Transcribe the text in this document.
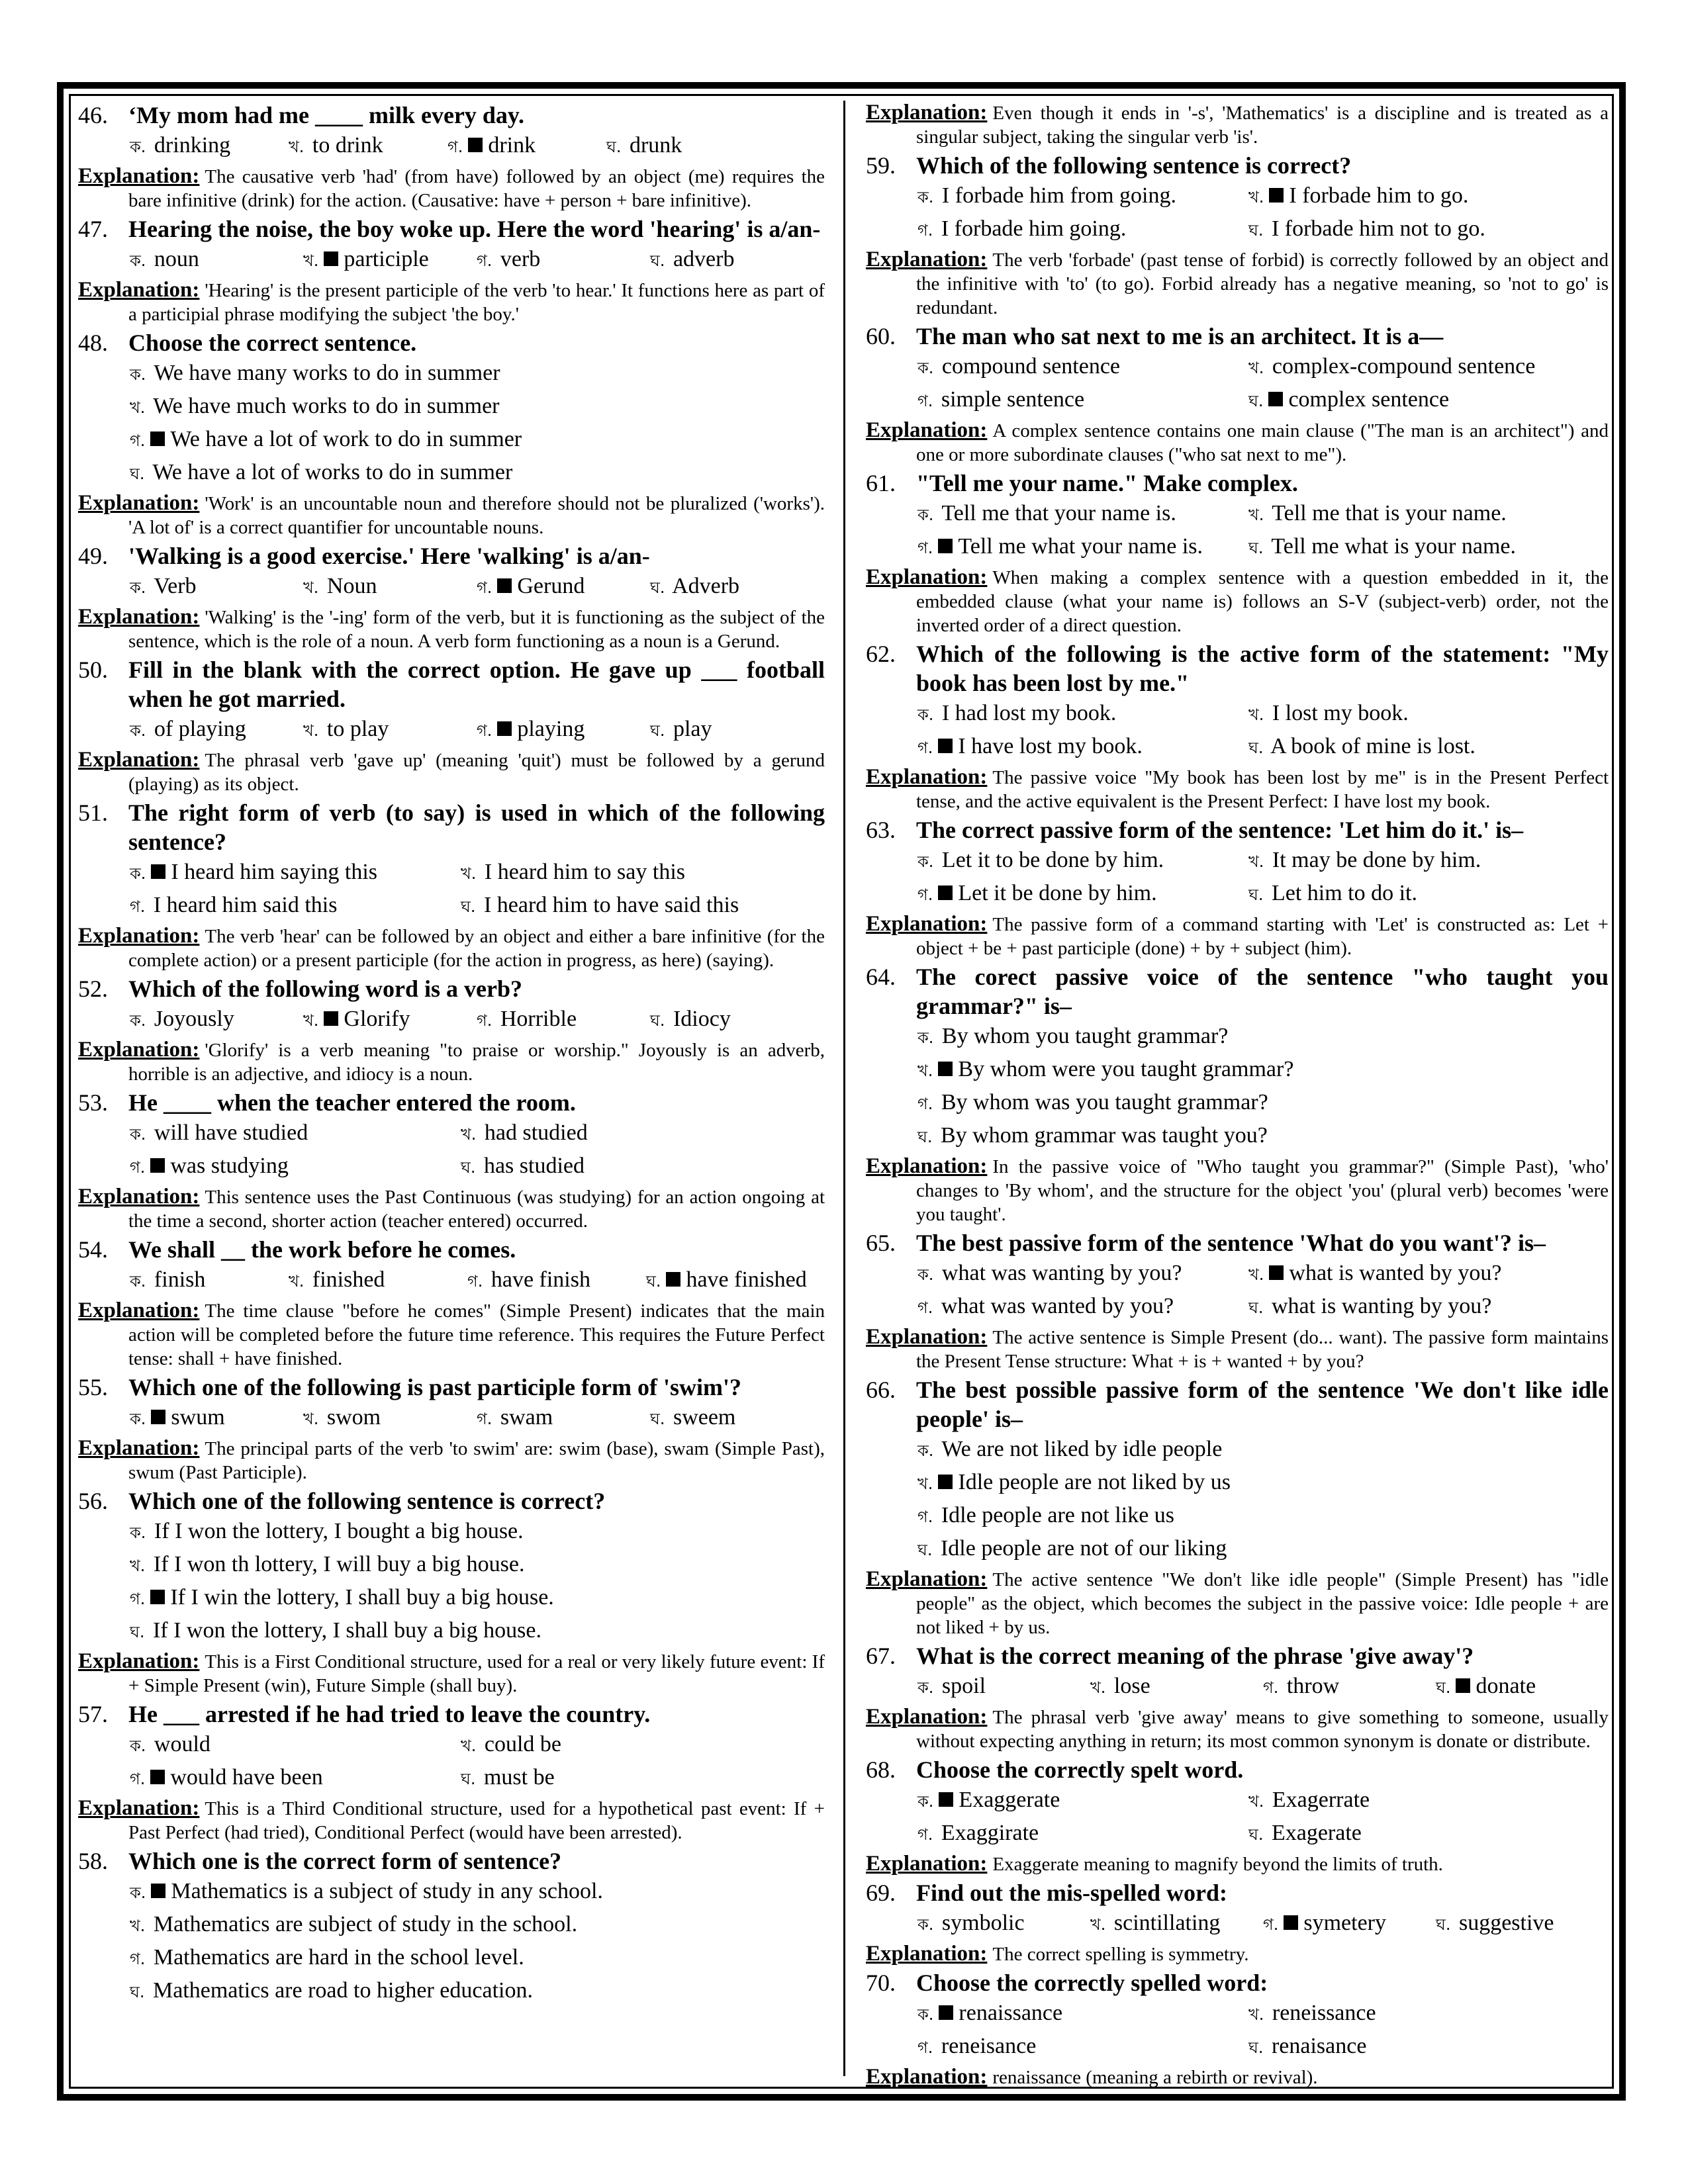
46. ‘My mom had me ____ milk every day.
ক. drinking	খ. to drink	গ. drink	ঘ. drunk
Explanation: The causative verb 'had' (from have) followed by an object (me) requires the bare infinitive (drink) for the action. (Causative: have + person + bare infinitive).
47. Hearing the noise, the boy woke up. Here the word 'hearing' is a/an-
ক. noun	খ. participle	গ. verb	ঘ. adverb
Explanation: 'Hearing' is the present participle of the verb 'to hear.' It functions here as part of a participial phrase modifying the subject 'the boy.'
48. Choose the correct sentence.
ক. We have many works to do in summer
খ. We have much works to do in summer
গ. We have a lot of work to do in summer
ঘ. We have a lot of works to do in summer
Explanation: 'Work' is an uncountable noun and therefore should not be pluralized ('works'). 'A lot of' is a correct quantifier for uncountable nouns.
49. 'Walking is a good exercise.' Here 'walking' is a/an-
ক. Verb	খ. Noun	গ. Gerund	ঘ. Adverb
Explanation: 'Walking' is the '-ing' form of the verb, but it is functioning as the subject of the sentence, which is the role of a noun. A verb form functioning as a noun is a Gerund.
50. Fill in the blank with the correct option. He gave up ___ football when he got married.
ক. of playing	খ. to play	গ. playing	ঘ. play
Explanation: The phrasal verb 'gave up' (meaning 'quit') must be followed by a gerund (playing) as its object.
51. The right form of verb (to say) is used in which of the following sentence?
ক. I heard him saying this	খ. I heard him to say this
গ. I heard him said this	ঘ. I heard him to have said this
Explanation: The verb 'hear' can be followed by an object and either a bare infinitive (for the complete action) or a present participle (for the action in progress, as here) (saying).
52. Which of the following word is a verb?
ক. Joyously	খ. Glorify	গ. Horrible	ঘ. Idiocy
Explanation: 'Glorify' is a verb meaning "to praise or worship." Joyously is an adverb, horrible is an adjective, and idiocy is a noun.
53. He ____ when the teacher entered the room.
ক. will have studied	খ. had studied
গ. was studying	ঘ. has studied
Explanation: This sentence uses the Past Continuous (was studying) for an action ongoing at the time a second, shorter action (teacher entered) occurred.
54. We shall __ the work before he comes.
ক. finish	খ. finished	গ. have finish	ঘ. have finished
Explanation: The time clause "before he comes" (Simple Present) indicates that the main action will be completed before the future time reference. This requires the Future Perfect tense: shall + have finished.
55. Which one of the following is past participle form of 'swim'?
ক. swum	খ. swom	গ. swam	ঘ. sweem
Explanation: The principal parts of the verb 'to swim' are: swim (base), swam (Simple Past), swum (Past Participle).
56. Which one of the following sentence is correct?
ক. If I won the lottery, I bought a big house.
খ. If I won th lottery, I will buy a big house.
গ. If I win the lottery, I shall buy a big house.
ঘ. If I won the lottery, I shall buy a big house.
Explanation: This is a First Conditional structure, used for a real or very likely future event: If + Simple Present (win), Future Simple (shall buy).
57. He ___ arrested if he had tried to leave the country.
ক. would	খ. could be
গ. would have been	ঘ. must be
Explanation: This is a Third Conditional structure, used for a hypothetical past event: If + Past Perfect (had tried), Conditional Perfect (would have been arrested).
58. Which one is the correct form of sentence?
ক. Mathematics is a subject of study in any school.
খ. Mathematics are subject of study in the school.
গ. Mathematics are hard in the school level.
ঘ. Mathematics are road to higher education.
Explanation: Even though it ends in '-s', 'Mathematics' is a discipline and is treated as a singular subject, taking the singular verb 'is'.
59. Which of the following sentence is correct?
ক. I forbade him from going.	খ. I forbade him to go.
গ. I forbade him going.	ঘ. I forbade him not to go.
Explanation: The verb 'forbade' (past tense of forbid) is correctly followed by an object and the infinitive with 'to' (to go). Forbid already has a negative meaning, so 'not to go' is redundant.
60. The man who sat next to me is an architect. It is a—
ক. compound sentence	খ. complex-compound sentence
গ. simple sentence	ঘ. complex sentence
Explanation: A complex sentence contains one main clause ("The man is an architect") and one or more subordinate clauses ("who sat next to me").
61. "Tell me your name." Make complex.
ক. Tell me that your name is.	খ. Tell me that is your name.
গ. Tell me what your name is.	ঘ. Tell me what is your name.
Explanation: When making a complex sentence with a question embedded in it, the embedded clause (what your name is) follows an S-V (subject-verb) order, not the inverted order of a direct question.
62. Which of the following is the active form of the statement: "My book has been lost by me."
ক. I had lost my book.	খ. I lost my book.
গ. I have lost my book.	ঘ. A book of mine is lost.
Explanation: The passive voice "My book has been lost by me" is in the Present Perfect tense, and the active equivalent is the Present Perfect: I have lost my book.
63. The correct passive form of the sentence: 'Let him do it.' is–
ক. Let it to be done by him.	খ. It may be done by him.
গ. Let it be done by him.	ঘ. Let him to do it.
Explanation: The passive form of a command starting with 'Let' is constructed as: Let + object + be + past participle (done) + by + subject (him).
64. The corect passive voice of the sentence "who taught you grammar?" is–
ক. By whom you taught grammar?
খ. By whom were you taught grammar?
গ. By whom was you taught grammar?
ঘ. By whom grammar was taught you?
Explanation: In the passive voice of "Who taught you grammar?" (Simple Past), 'who' changes to 'By whom', and the structure for the object 'you' (plural verb) becomes 'were you taught'.
65. The best passive form of the sentence 'What do you want'? is–
ক. what was wanting by you?	খ. what is wanted by you?
গ. what was wanted by you?	ঘ. what is wanting by you?
Explanation: The active sentence is Simple Present (do... want). The passive form maintains the Present Tense structure: What + is + wanted + by you?
66. The best possible passive form of the sentence 'We don't like idle people' is–
ক. We are not liked by idle people
খ. Idle people are not liked by us
গ. Idle people are not like us
ঘ. Idle people are not of our liking
Explanation: The active sentence "We don't like idle people" (Simple Present) has "idle people" as the object, which becomes the subject in the passive voice: Idle people + are not liked + by us.
67. What is the correct meaning of the phrase 'give away'?
ক. spoil	খ. lose	গ. throw	ঘ. donate
Explanation: The phrasal verb 'give away' means to give something to someone, usually without expecting anything in return; its most common synonym is donate or distribute.
68. Choose the correctly spelt word.
ক. Exaggerate	খ. Exagerrate
গ. Exaggirate	ঘ. Exagerate
Explanation: Exaggerate meaning to magnify beyond the limits of truth.
69. Find out the mis-spelled word:
ক. symbolic	খ. scintillating	গ. symetery	ঘ. suggestive
Explanation: The correct spelling is symmetry.
70. Choose the correctly spelled word:
ক. renaissance	খ. reneissance
গ. reneisance	ঘ. renaisance
Explanation: renaissance (meaning a rebirth or revival).
